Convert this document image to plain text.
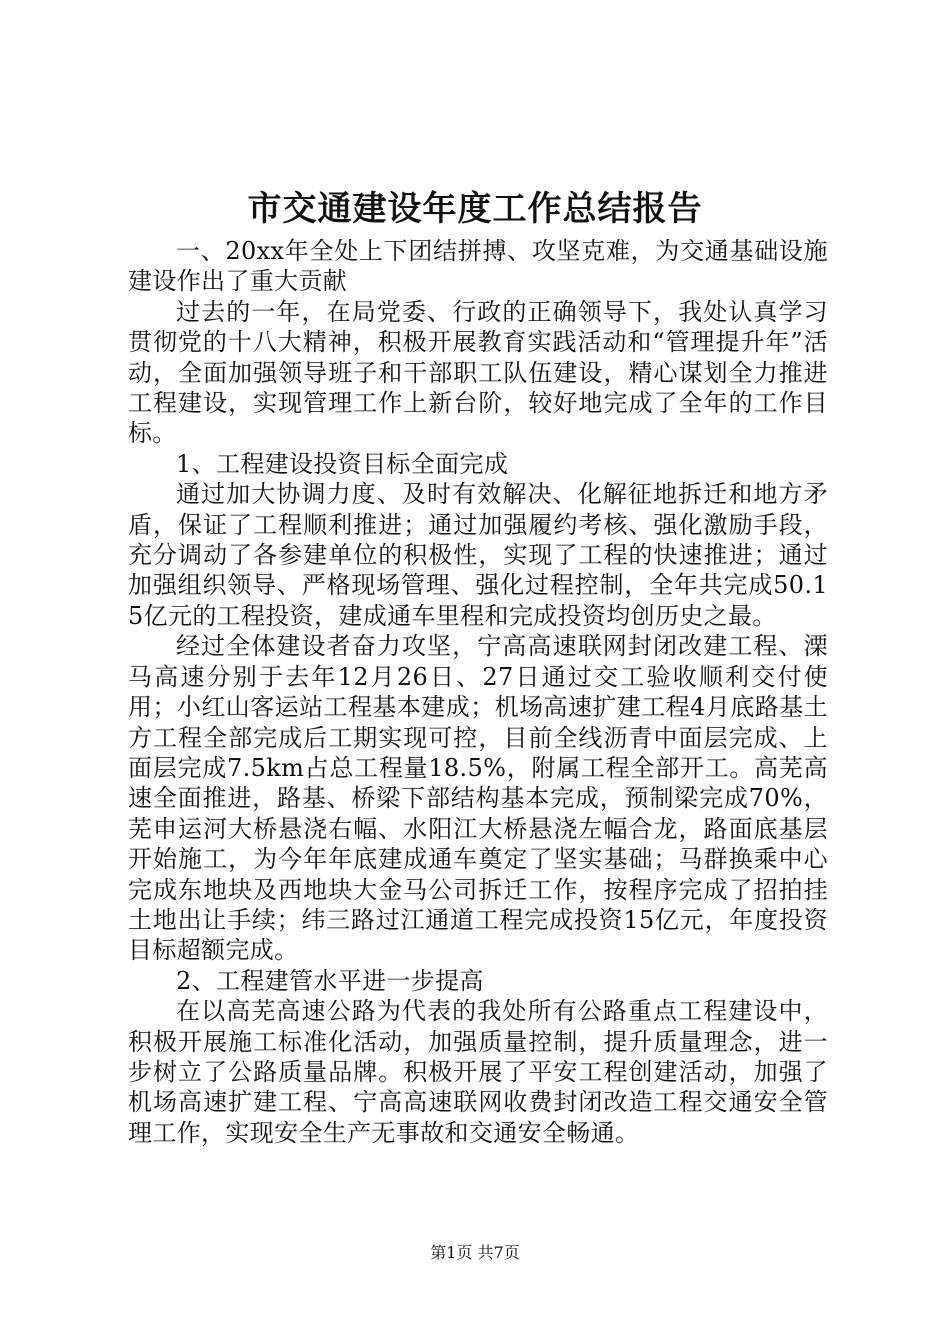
市交通建设年度工作总结报告

一、20xx年全处上下团结拼搏、攻坚克难，为交通基础设施建设作出了重大贡献

过去的一年，在局党委、行政的正确领导下，我处认真学习贯彻党的十八大精神，积极开展教育实践活动和“管理提升年”活动，全面加强领导班子和干部职工队伍建设，精心谋划全力推进工程建设，实现管理工作上新台阶，较好地完成了全年的工作目标。

1、工程建设投资目标全面完成

通过加大协调力度、及时有效解决、化解征地拆迁和地方矛盾，保证了工程顺利推进；通过加强履约考核、强化激励手段，充分调动了各参建单位的积极性，实现了工程的快速推进；通过加强组织领导、严格现场管理、强化过程控制，全年共完成50.15亿元的工程投资，建成通车里程和完成投资均创历史之最。

经过全体建设者奋力攻坚，宁高高速联网封闭改建工程、溧马高速分别于去年12月26日、27日通过交工验收顺利交付使用；小红山客运站工程基本建成；机场高速扩建工程4月底路基土方工程全部完成后工期实现可控，目前全线沥青中面层完成、上面层完成7.5km占总工程量18.5%，附属工程全部开工。高芜高速全面推进，路基、桥梁下部结构基本完成，预制梁完成70%，芜申运河大桥悬浇右幅、水阳江大桥悬浇左幅合龙，路面底基层开始施工，为今年年底建成通车奠定了坚实基础；马群换乘中心完成东地块及西地块大金马公司拆迁工作，按程序完成了招拍挂土地出让手续；纬三路过江通道工程完成投资15亿元，年度投资目标超额完成。

2、工程建管水平进一步提高

在以高芜高速公路为代表的我处所有公路重点工程建设中，积极开展施工标准化活动，加强质量控制，提升质量理念，进一步树立了公路质量品牌。积极开展了平安工程创建活动，加强了机场高速扩建工程、宁高高速联网收费封闭改造工程交通安全管理工作，实现安全生产无事故和交通安全畅通。

第1页 共7页
